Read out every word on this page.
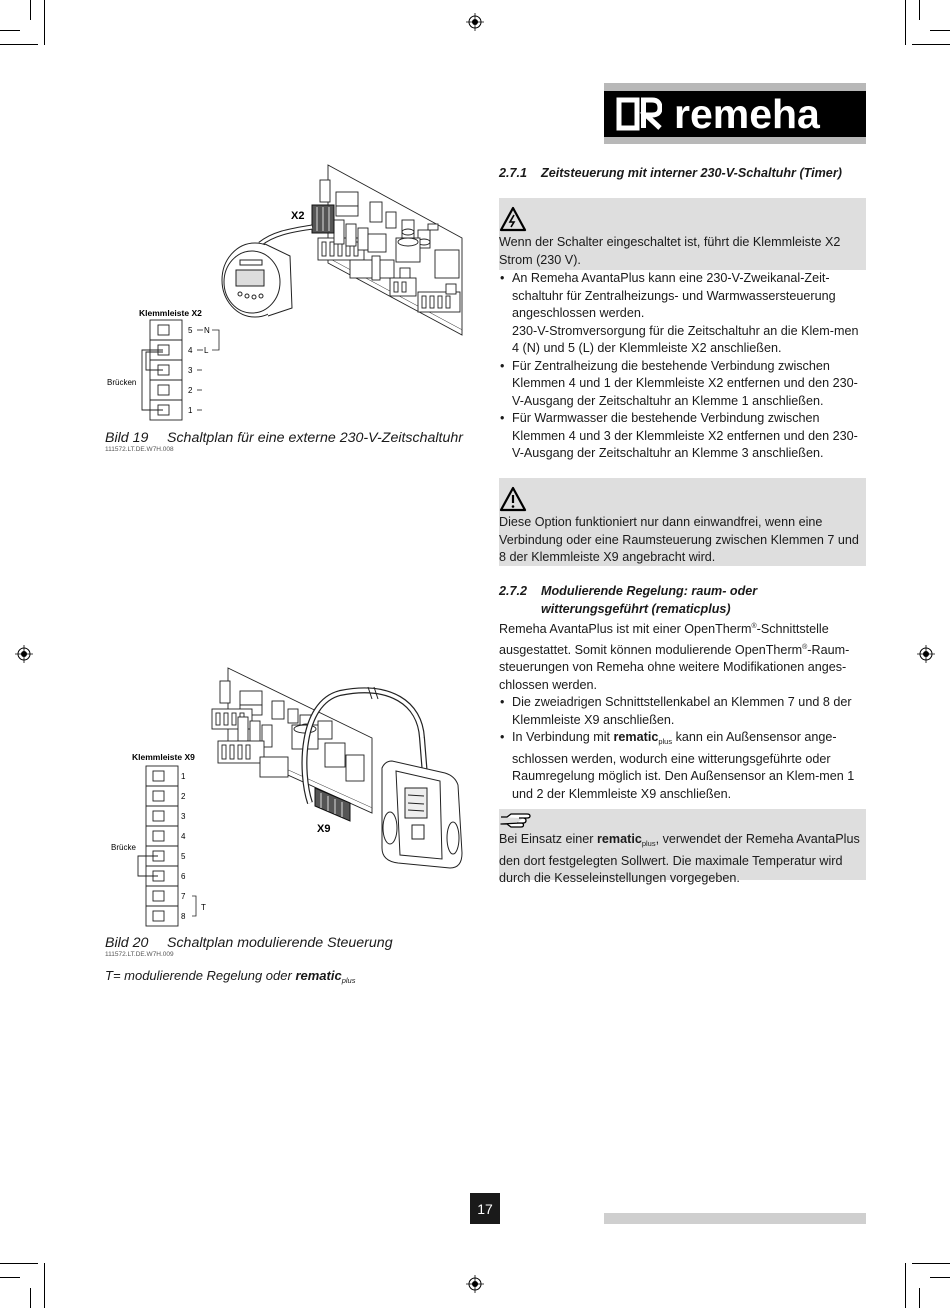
remeha
2.7.1 Zeitsteuerung mit interner 230-V-Schaltuhr (Timer)
Wenn der Schalter eingeschaltet ist, führt die Klemmleiste X2 Strom (230 V).
• An Remeha AvantaPlus kann eine 230-V-Zweikanal-Zeit-schaltuhr für Zentralheizungs- und Warmwassersteuerung angeschlossen werden.
230-V-Stromversorgung für die Zeitschaltuhr an die Klem-men 4 (N) und 5 (L) der Klemmleiste X2 anschließen.
• Für Zentralheizung die bestehende Verbindung zwischen Klemmen 4 und 1 der Klemmleiste X2 entfernen und den 230-V-Ausgang der Zeitschaltuhr an Klemme 1 anschließen.
• Für Warmwasser die bestehende Verbindung zwischen Klemmen 4 und 3 der Klemmleiste X2 entfernen und den 230-V-Ausgang der Zeitschaltuhr an Klemme 3 anschließen.
Diese Option funktioniert nur dann einwandfrei, wenn eine Verbindung oder eine Raumsteuerung zwischen Klemmen 7 und 8 der Klemmleiste X9 angebracht wird.
2.7.2 Modulierende Regelung: raum- oder
witterungsgeführt (rematicplus)
Remeha AvantaPlus ist mit einer OpenTherm®-Schnittstelle ausgestattet. Somit können modulierende OpenTherm®-Raum-steuerungen von Remeha ohne weitere Modifikationen anges-chlossen werden.
• Die zweiadrigen Schnittstellenkabel an Klemmen 7 und 8 der Klemmleiste X9 anschließen.
• In Verbindung mit rematic$_{plus}$ kann ein Außensensor ange-schlossen werden, wodurch eine witterungsgeführte oder Raumregelung möglich ist. Den Außensensor an Klem-men 1 und 2 der Klemmleiste X9 anschließen.
Bei Einsatz einer rematic$_{plus}$, verwendet der Remeha AvantaPlus den dort festgelegten Sollwert. Die maximale Temperatur wird durch die Kesseleinstellungen vorgegeben.
X2
Klemmleiste X2
5
4
3
2
1
N
L
Brücken
Bild 19 Schaltplan für eine externe 230-V-Zeitschaltuhr
111572.LT.DE.W7H.008
X9
Klemmleiste X9
1
2
3
4
5
6
7
8
T
Brücke
Bild 20 Schaltplan modulierende Steuerung
111572.LT.DE.W7H.009
T= modulierende Regelung oder rematic$_{plus}$
17
